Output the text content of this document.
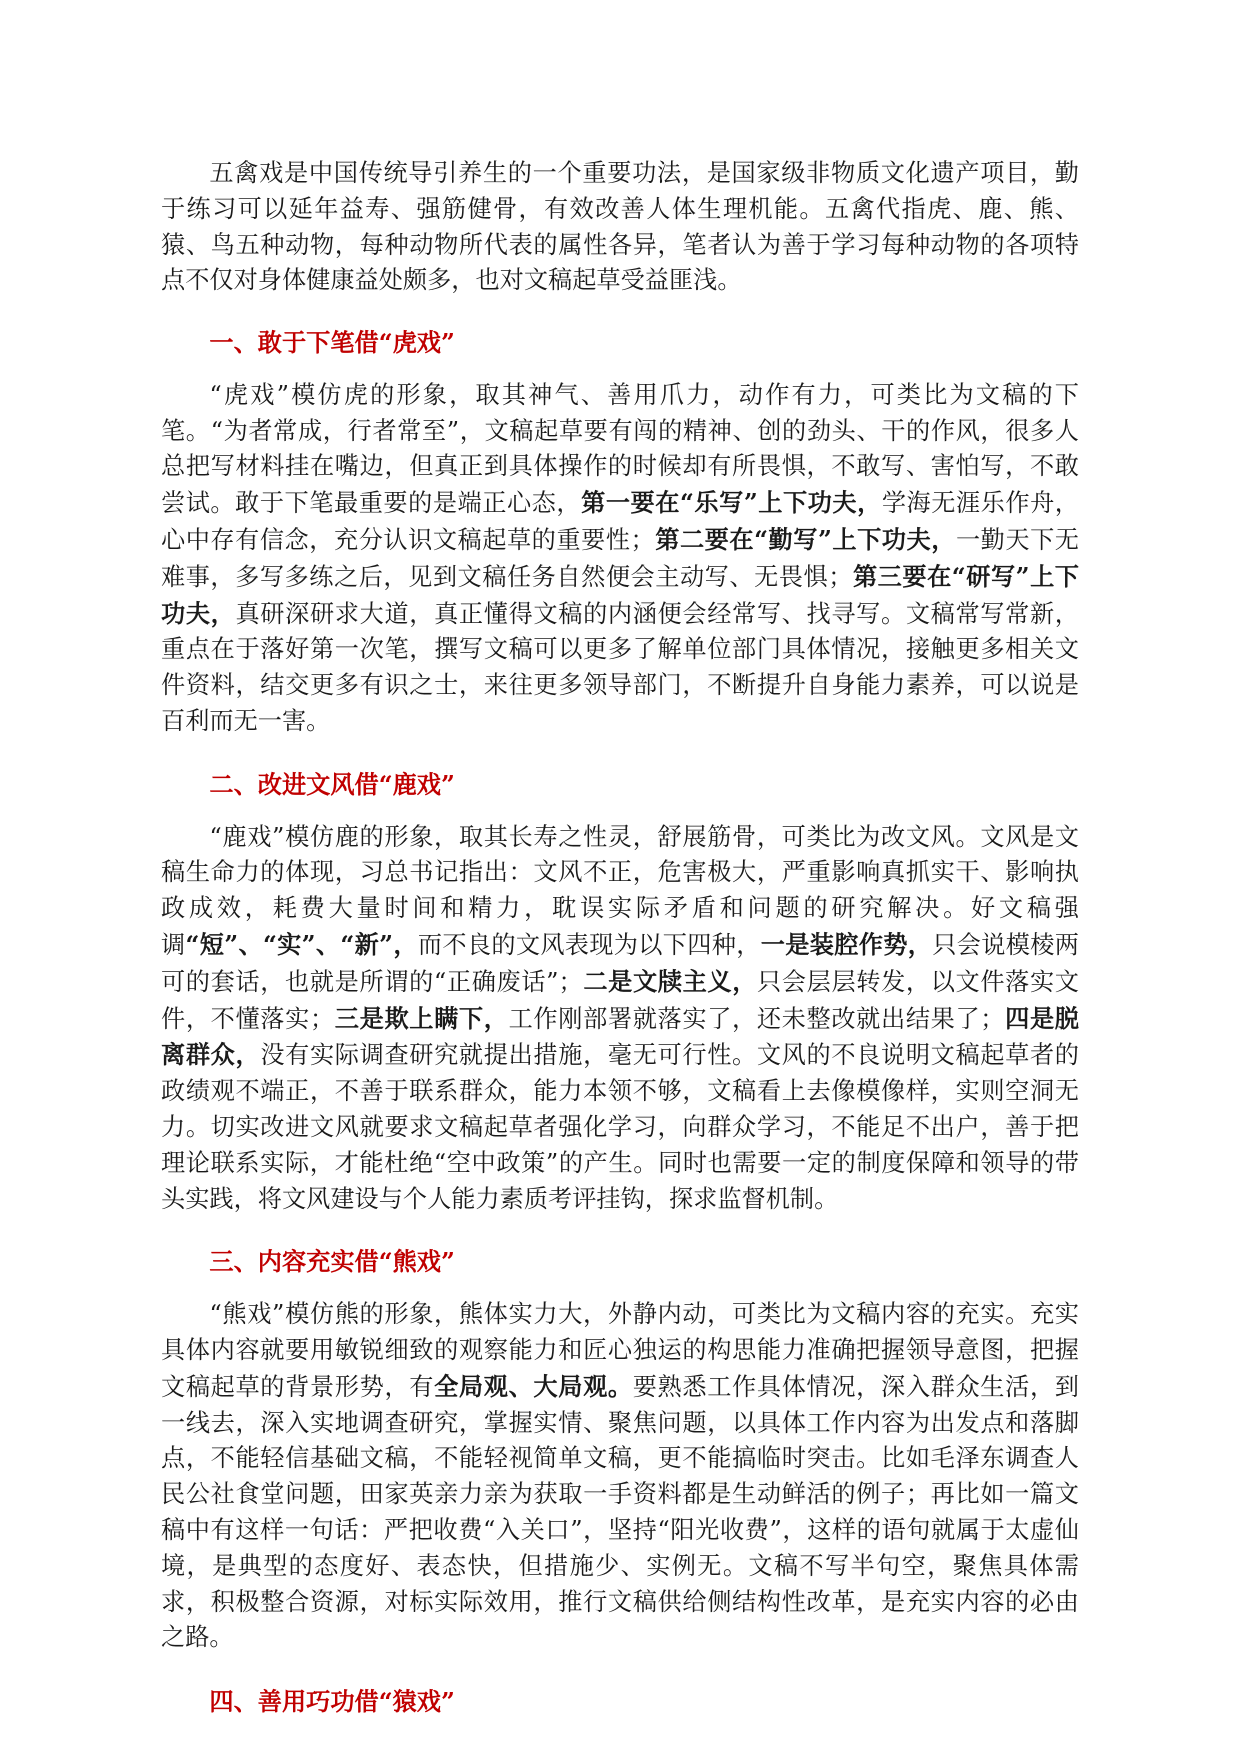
五禽戏是中国传统导引养生的一个重要功法，是国家级非物质文化遗产项目，勤于练习可以延年益寿、强筋健骨，有效改善人体生理机能。五禽代指虎、鹿、熊、猿、鸟五种动物，每种动物所代表的属性各异，笔者认为善于学习每种动物的各项特点不仅对身体健康益处颇多，也对文稿起草受益匪浅。

一、敢于下笔借“虎戏”

“虎戏”模仿虎的形象，取其神气、善用爪力，动作有力，可类比为文稿的下笔。“为者常成，行者常至”，文稿起草要有闯的精神、创的劲头、干的作风，很多人总把写材料挂在嘴边，但真正到具体操作的时候却有所畏惧，不敢写、害怕写，不敢尝试。敢于下笔最重要的是端正心态，第一要在“乐写”上下功夫，学海无涯乐作舟，心中存有信念，充分认识文稿起草的重要性；第二要在“勤写”上下功夫，一勤天下无难事，多写多练之后，见到文稿任务自然便会主动写、无畏惧；第三要在“研写”上下功夫，真研深研求大道，真正懂得文稿的内涵便会经常写、找寻写。文稿常写常新，重点在于落好第一次笔，撰写文稿可以更多了解单位部门具体情况，接触更多相关文件资料，结交更多有识之士，来往更多领导部门，不断提升自身能力素养，可以说是百利而无一害。

二、改进文风借“鹿戏”

“鹿戏”模仿鹿的形象，取其长寿之性灵，舒展筋骨，可类比为改文风。文风是文稿生命力的体现，习总书记指出：文风不正，危害极大，严重影响真抓实干、影响执政成效，耗费大量时间和精力，耽误实际矛盾和问题的研究解决。好文稿强调“短”、“实”、“新”，而不良的文风表现为以下四种，一是装腔作势，只会说模棱两可的套话，也就是所谓的“正确废话”；二是文牍主义，只会层层转发，以文件落实文件，不懂落实；三是欺上瞒下，工作刚部署就落实了，还未整改就出结果了；四是脱离群众，没有实际调查研究就提出措施，毫无可行性。文风的不良说明文稿起草者的政绩观不端正，不善于联系群众，能力本领不够，文稿看上去像模像样，实则空洞无力。切实改进文风就要求文稿起草者强化学习，向群众学习，不能足不出户，善于把理论联系实际，才能杜绝“空中政策”的产生。同时也需要一定的制度保障和领导的带头实践，将文风建设与个人能力素质考评挂钩，探求监督机制。

三、内容充实借“熊戏”

“熊戏”模仿熊的形象，熊体实力大，外静内动，可类比为文稿内容的充实。充实具体内容就要用敏锐细致的观察能力和匠心独运的构思能力准确把握领导意图，把握文稿起草的背景形势，有全局观、大局观。要熟悉工作具体情况，深入群众生活，到一线去，深入实地调查研究，掌握实情、聚焦问题，以具体工作内容为出发点和落脚点，不能轻信基础文稿，不能轻视简单文稿，更不能搞临时突击。比如毛泽东调查人民公社食堂问题，田家英亲力亲为获取一手资料都是生动鲜活的例子；再比如一篇文稿中有这样一句话：严把收费“入关口”，坚持“阳光收费”，这样的语句就属于太虚仙境，是典型的态度好、表态快，但措施少、实例无。文稿不写半句空，聚焦具体需求，积极整合资源，对标实际效用，推行文稿供给侧结构性改革，是充实内容的必由之路。

四、善用巧功借“猿戏”
